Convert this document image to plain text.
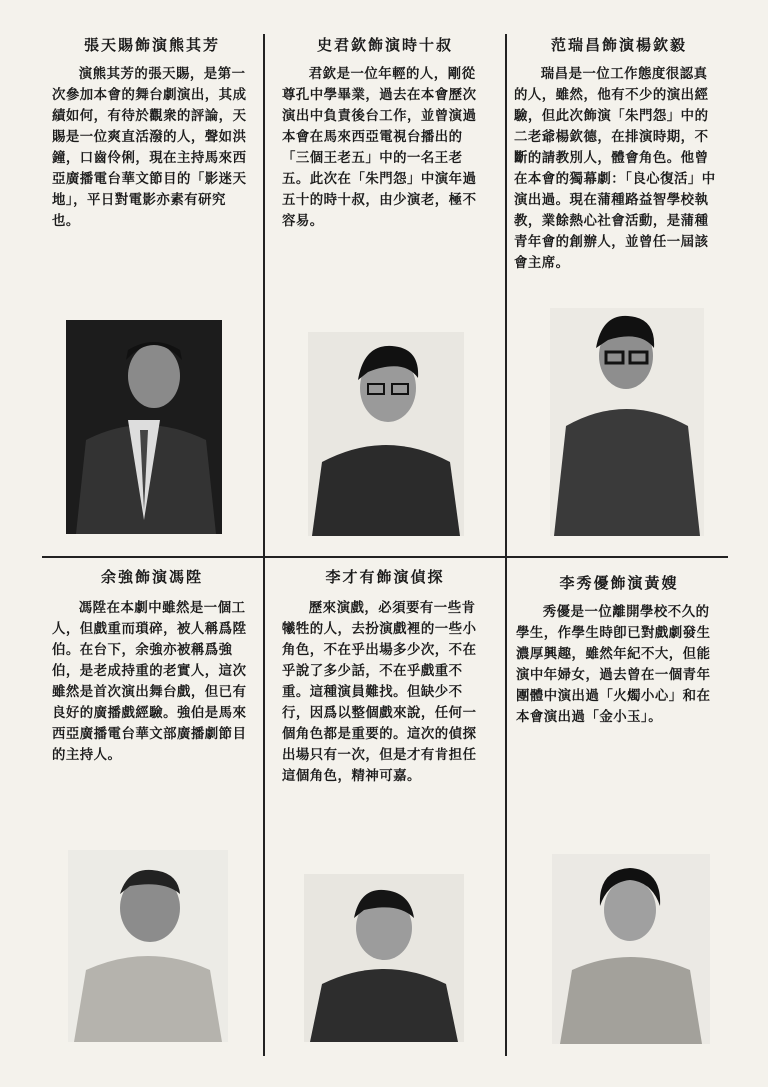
張天賜飾演熊其芳
演熊其芳的張天賜，是第一次參加本會的舞台劇演出，其成績如何，有待於觀衆的評論，天賜是一位爽直活潑的人，聲如洪鐘，口齒伶俐，現在主持馬來西亞廣播電台華文節目的「影迷天地」，平日對電影亦素有研究也。
史君欽飾演時十叔
君欽是一位年輕的人，剛從尊孔中學畢業，過去在本會歷次演出中負責後台工作，並曾演過本會在馬來西亞電視台播出的「三個王老五」中的一名王老五。此次在「朱門怨」中演年過五十的時十叔，由少演老，極不容易。
范瑞昌飾演楊欽毅
瑞昌是一位工作態度很認真的人，雖然，他有不少的演出經驗，但此次飾演「朱門怨」中的二老爺楊欽德，在排演時期，不斷的請教別人，體會角色。他曾在本會的獨幕劇：「良心復活」中演出過。現在蒲種路益智學校執教，業餘熱心社會活動，是蒲種青年會的創辦人，並曾任一屆該會主席。
余強飾演馮陞
馮陞在本劇中雖然是一個工人，但戲重而瑣碎，被人稱爲陞伯。在台下，余強亦被稱爲強伯，是老成持重的老實人，這次雖然是首次演出舞台戲，但已有良好的廣播戲經驗。強伯是馬來西亞廣播電台華文部廣播劇節目的主持人。
李才有飾演偵探
歷來演戲，必須要有一些肯犧牲的人，去扮演戲裡的一些小角色，不在乎出場多少次，不在乎說了多少話，不在乎戲重不重。這種演員難找。但缺少不行，因爲以整個戲來說，任何一個角色都是重要的。這次的偵探出場只有一次，但是才有肯担任這個角色，精神可嘉。
李秀優飾演黃嫂
秀優是一位離開學校不久的學生，作學生時卽已對戲劇發生濃厚興趣，雖然年紀不大，但能演中年婦女，過去曾在一個青年團體中演出過「火燭小心」和在本會演出過「金小玉」。
